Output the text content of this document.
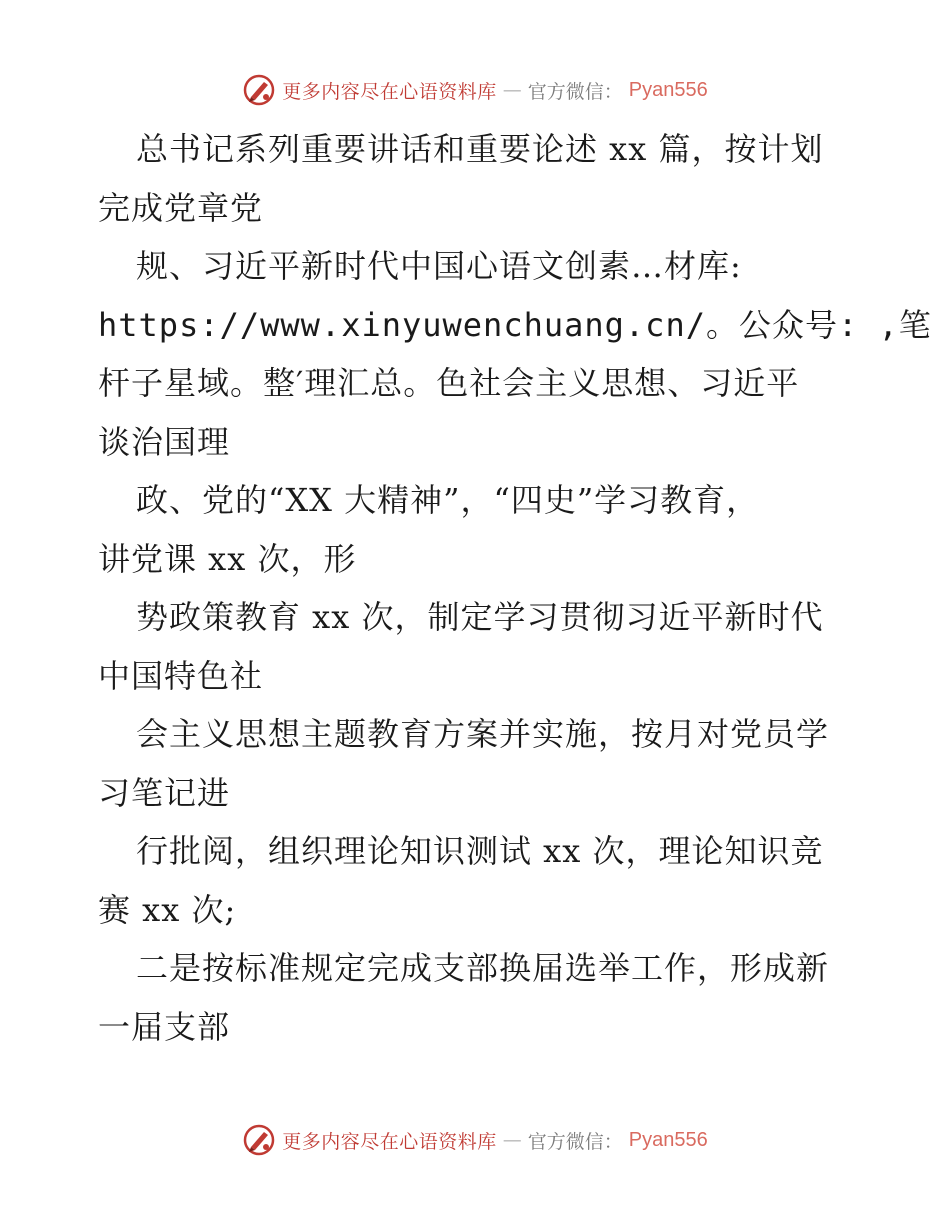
更多内容尽在心语资料库 — 官方微信： Pyan556
总书记系列重要讲话和重要论述 xx 篇，按计划
完成党章党
规、习近平新时代中国心语文创素…材库:
https://www.xinyuwenchuang.cn/。公众号: ,笔
杆子星域。整′理汇总。色社会主义思想、习近平
谈治国理
政、党的“XX 大精神”，“四史”学习教育，
讲党课 xx 次，形
势政策教育 xx 次，制定学习贯彻习近平新时代
中国特色社
会主义思想主题教育方案并实施，按月对党员学
习笔记进
行批阅，组织理论知识测试 xx 次，理论知识竞
赛 xx 次;
二是按标准规定完成支部换届选举工作，形成新
一届支部
更多内容尽在心语资料库 — 官方微信： Pyan556
